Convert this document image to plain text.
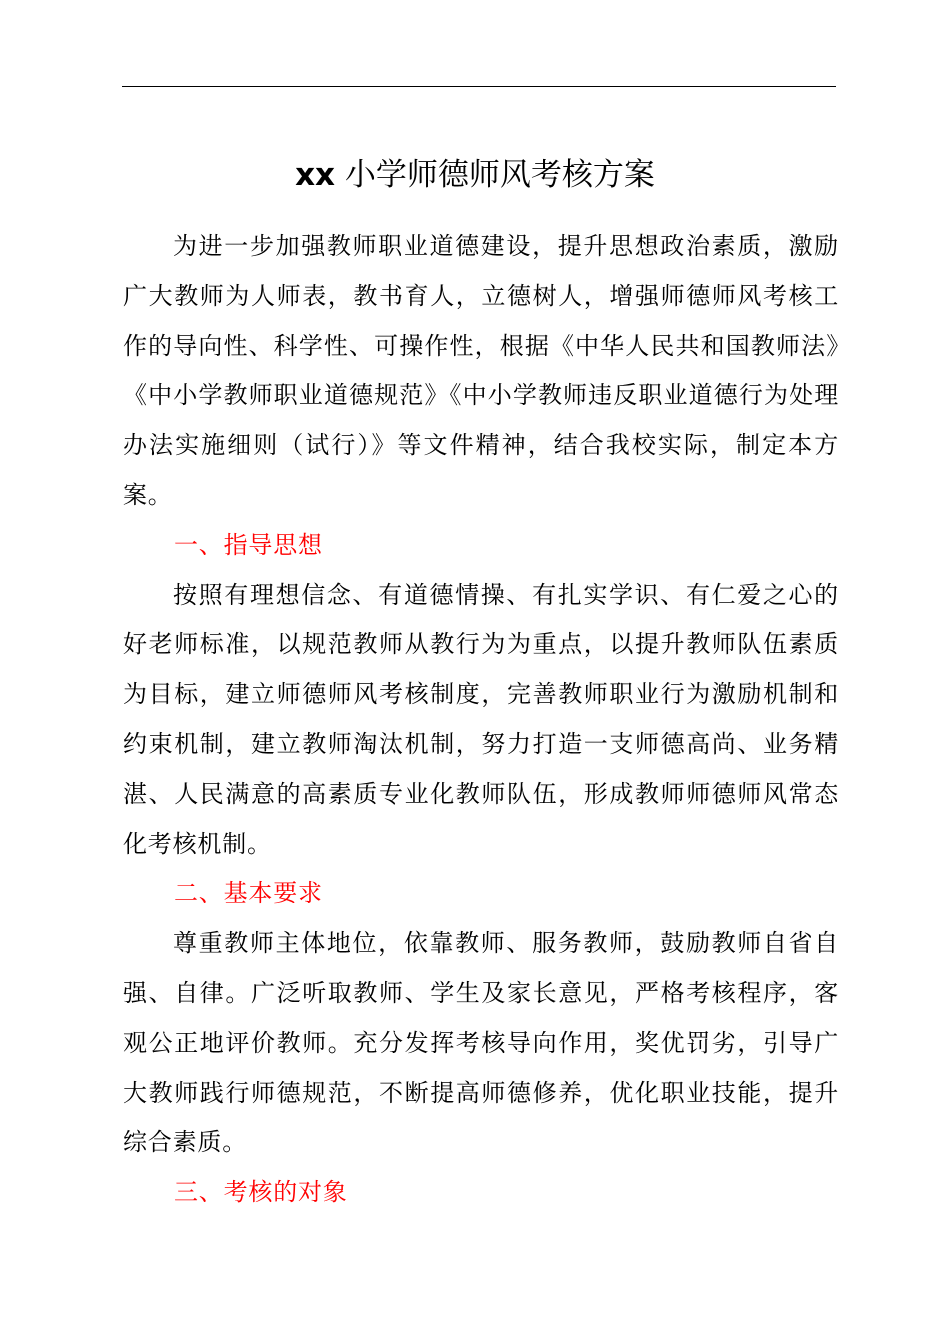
xx 小学师德师风考核方案

为进一步加强教师职业道德建设，提升思想政治素质，激励广大教师为人师表，教书育人，立德树人，增强师德师风考核工作的导向性、科学性、可操作性，根据《中华人民共和国教师法》《中小学教师职业道德规范》《中小学教师违反职业道德行为处理办法实施细则（试行）》等文件精神，结合我校实际，制定本方案。

一、指导思想

按照有理想信念、有道德情操、有扎实学识、有仁爱之心的好老师标准，以规范教师从教行为为重点，以提升教师队伍素质为目标，建立师德师风考核制度，完善教师职业行为激励机制和约束机制，建立教师淘汰机制，努力打造一支师德高尚、业务精湛、人民满意的高素质专业化教师队伍，形成教师师德师风常态化考核机制。

二、基本要求

尊重教师主体地位，依靠教师、服务教师，鼓励教师自省自强、自律。广泛听取教师、学生及家长意见，严格考核程序，客观公正地评价教师。充分发挥考核导向作用，奖优罚劣，引导广大教师践行师德规范，不断提高师德修养，优化职业技能，提升综合素质。

三、考核的对象
